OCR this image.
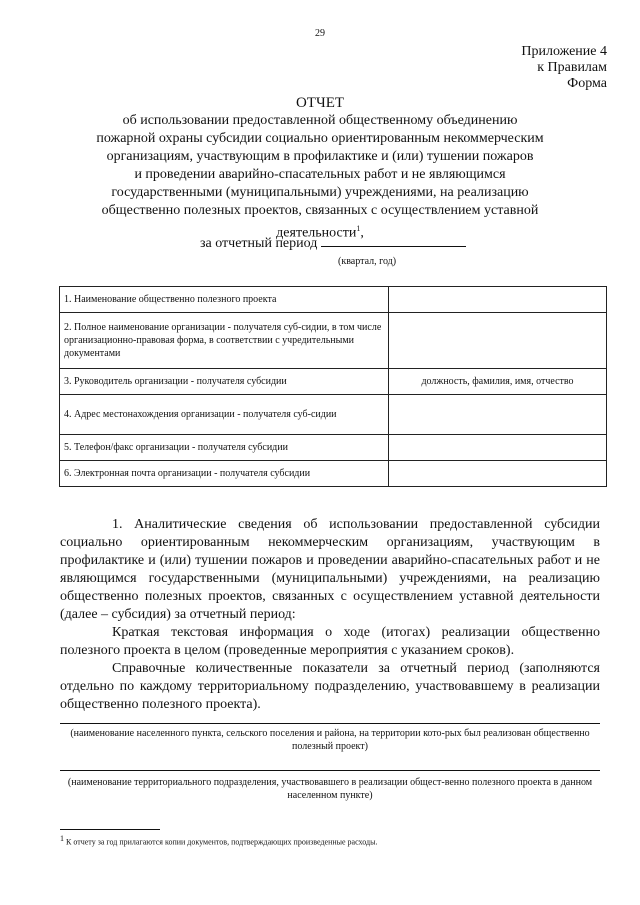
29
Приложение 4
к Правилам
Форма
ОТЧЕТ
об использовании предоставленной общественному объединению
пожарной охраны субсидии социально ориентированным некоммерческим
организациям, участвующим в профилактике и (или) тушении пожаров
и проведении аварийно-спасательных работ и не являющимся
государственными (муниципальными) учреждениями, на реализацию
общественно полезных проектов, связанных с осуществлением уставной
деятельности$^1$,
за отчетный период
(квартал, год)
1. Наименование общественно полезного проекта	
2. Полное наименование организации - получателя суб-сидии, в том числе организационно-правовая форма, в соответствии с учредительными документами	
3. Руководитель организации - получателя субсидии	должность, фамилия, имя, отчество
4. Адрес местонахождения организации - получателя суб-сидии	
5. Телефон/факс организации - получателя субсидии	
6. Электронная почта организации - получателя субсидии	
1. Аналитические сведения об использовании предоставленной субсидии социально ориентированным некоммерческим организациям, участвующим в профилактике и (или) тушении пожаров и проведении аварийно-спасательных работ и не являющимся государственными (муниципальными) учреждениями, на реализацию общественно полезных проектов, связанных с осуществлением уставной деятельности (далее – субсидия) за отчетный период:
Краткая текстовая информация о ходе (итогах) реализации общественно полезного проекта в целом (проведенные мероприятия с указанием сроков).
Справочные количественные показатели за отчетный период (заполняются отдельно по каждому территориальному подразделению, участвовавшему в реализации общественно полезного проекта).
(наименование населенного пункта, сельского поселения и района, на территории кото-рых был реализован общественно полезный проект)
(наименование территориального подразделения, участвовавшего в реализации общест-венно полезного проекта в данном населенном пункте)
$^1$ К отчету за год прилагаются копии документов, подтверждающих произведенные расходы.
